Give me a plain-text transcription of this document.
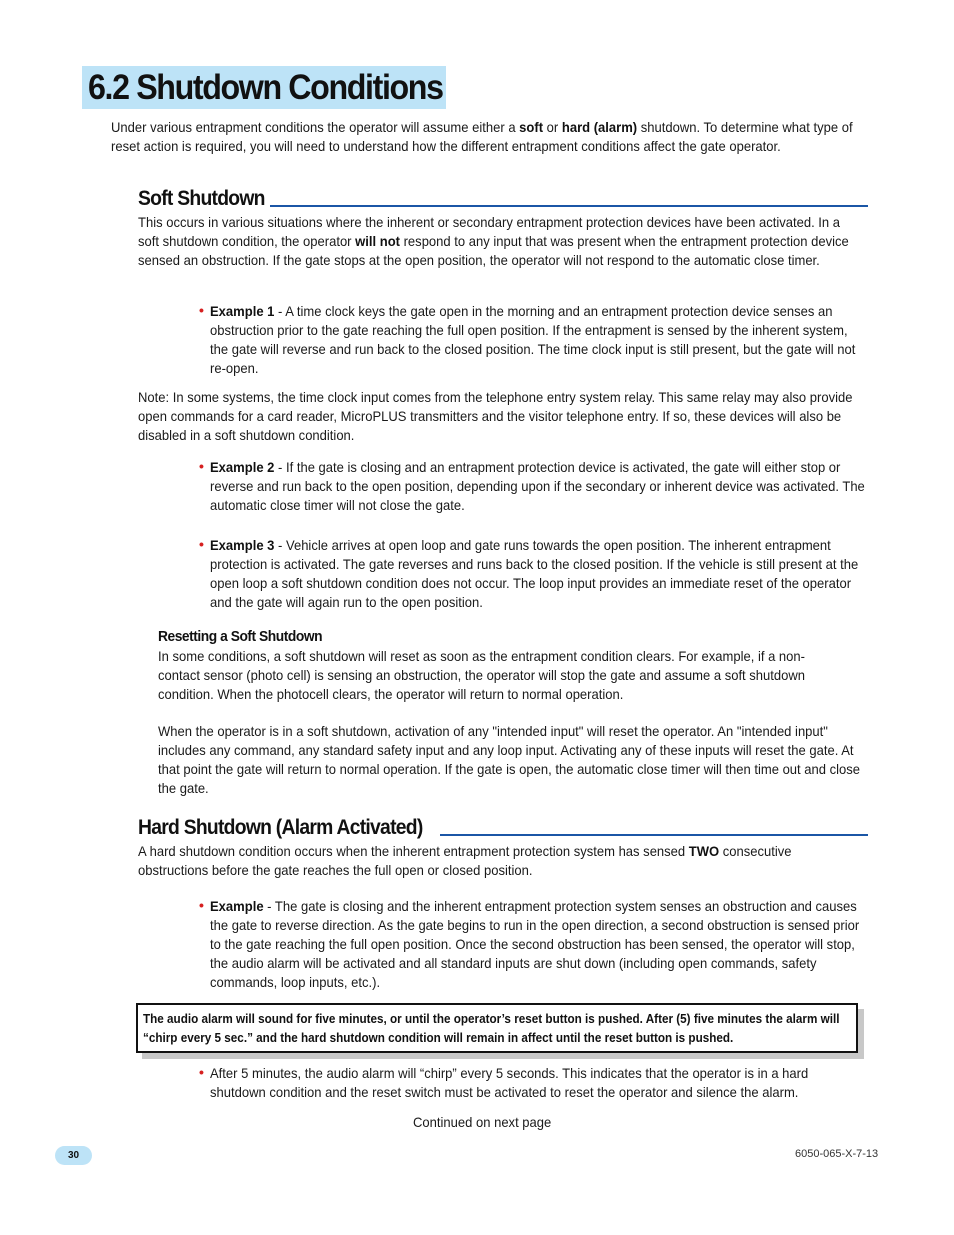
6.2 Shutdown Conditions
Under various entrapment conditions the operator will assume either a soft or hard (alarm) shutdown. To determine what type of reset action is required, you will need to understand how the different entrapment conditions affect the gate operator.
Soft Shutdown
This occurs in various situations where the inherent or secondary entrapment protection devices have been activated. In a soft shutdown condition, the operator will not respond to any input that was present when the entrapment protection device sensed an obstruction. If the gate stops at the open position, the operator will not respond to the automatic close timer.
• Example 1 - A time clock keys the gate open in the morning and an entrapment protection device senses an obstruction prior to the gate reaching the full open position. If the entrapment is sensed by the inherent system, the gate will reverse and run back to the closed position. The time clock input is still present, but the gate will not re-open.
Note: In some systems, the time clock input comes from the telephone entry system relay. This same relay may also provide open commands for a card reader, MicroPLUS transmitters and the visitor telephone entry. If so, these devices will also be disabled in a soft shutdown condition.
• Example 2 - If the gate is closing and an entrapment protection device is activated, the gate will either stop or reverse and run back to the open position, depending upon if the secondary or inherent device was activated. The automatic close timer will not close the gate.
• Example 3 - Vehicle arrives at open loop and gate runs towards the open position. The inherent entrapment protection is activated. The gate reverses and runs back to the closed position. If the vehicle is still present at the open loop a soft shutdown condition does not occur. The loop input provides an immediate reset of the operator and the gate will again run to the open position.
Resetting a Soft Shutdown
In some conditions, a soft shutdown will reset as soon as the entrapment condition clears. For example, if a non-contact sensor (photo cell) is sensing an obstruction, the operator will stop the gate and assume a soft shutdown condition. When the photocell clears, the operator will return to normal operation.
When the operator is in a soft shutdown, activation of any "intended input" will reset the operator. An "intended input" includes any command, any standard safety input and any loop input. Activating any of these inputs will reset the gate. At that point the gate will return to normal operation. If the gate is open, the automatic close timer will then time out and close the gate.
Hard Shutdown (Alarm Activated)
A hard shutdown condition occurs when the inherent entrapment protection system has sensed TWO consecutive obstructions before the gate reaches the full open or closed position.
• Example - The gate is closing and the inherent entrapment protection system senses an obstruction and causes the gate to reverse direction. As the gate begins to run in the open direction, a second obstruction is sensed prior to the gate reaching the full open position. Once the second obstruction has been sensed, the operator will stop, the audio alarm will be activated and all standard inputs are shut down (including open commands, safety commands, loop inputs, etc.).
The audio alarm will sound for five minutes, or until the operator’s reset button is pushed. After (5) five minutes the alarm will “chirp every 5 sec.” and the hard shutdown condition will remain in affect until the reset button is pushed.
• After 5 minutes, the audio alarm will “chirp” every 5 seconds. This indicates that the operator is in a hard shutdown condition and the reset switch must be activated to reset the operator and silence the alarm.
Continued on next page
30	6050-065-X-7-13
